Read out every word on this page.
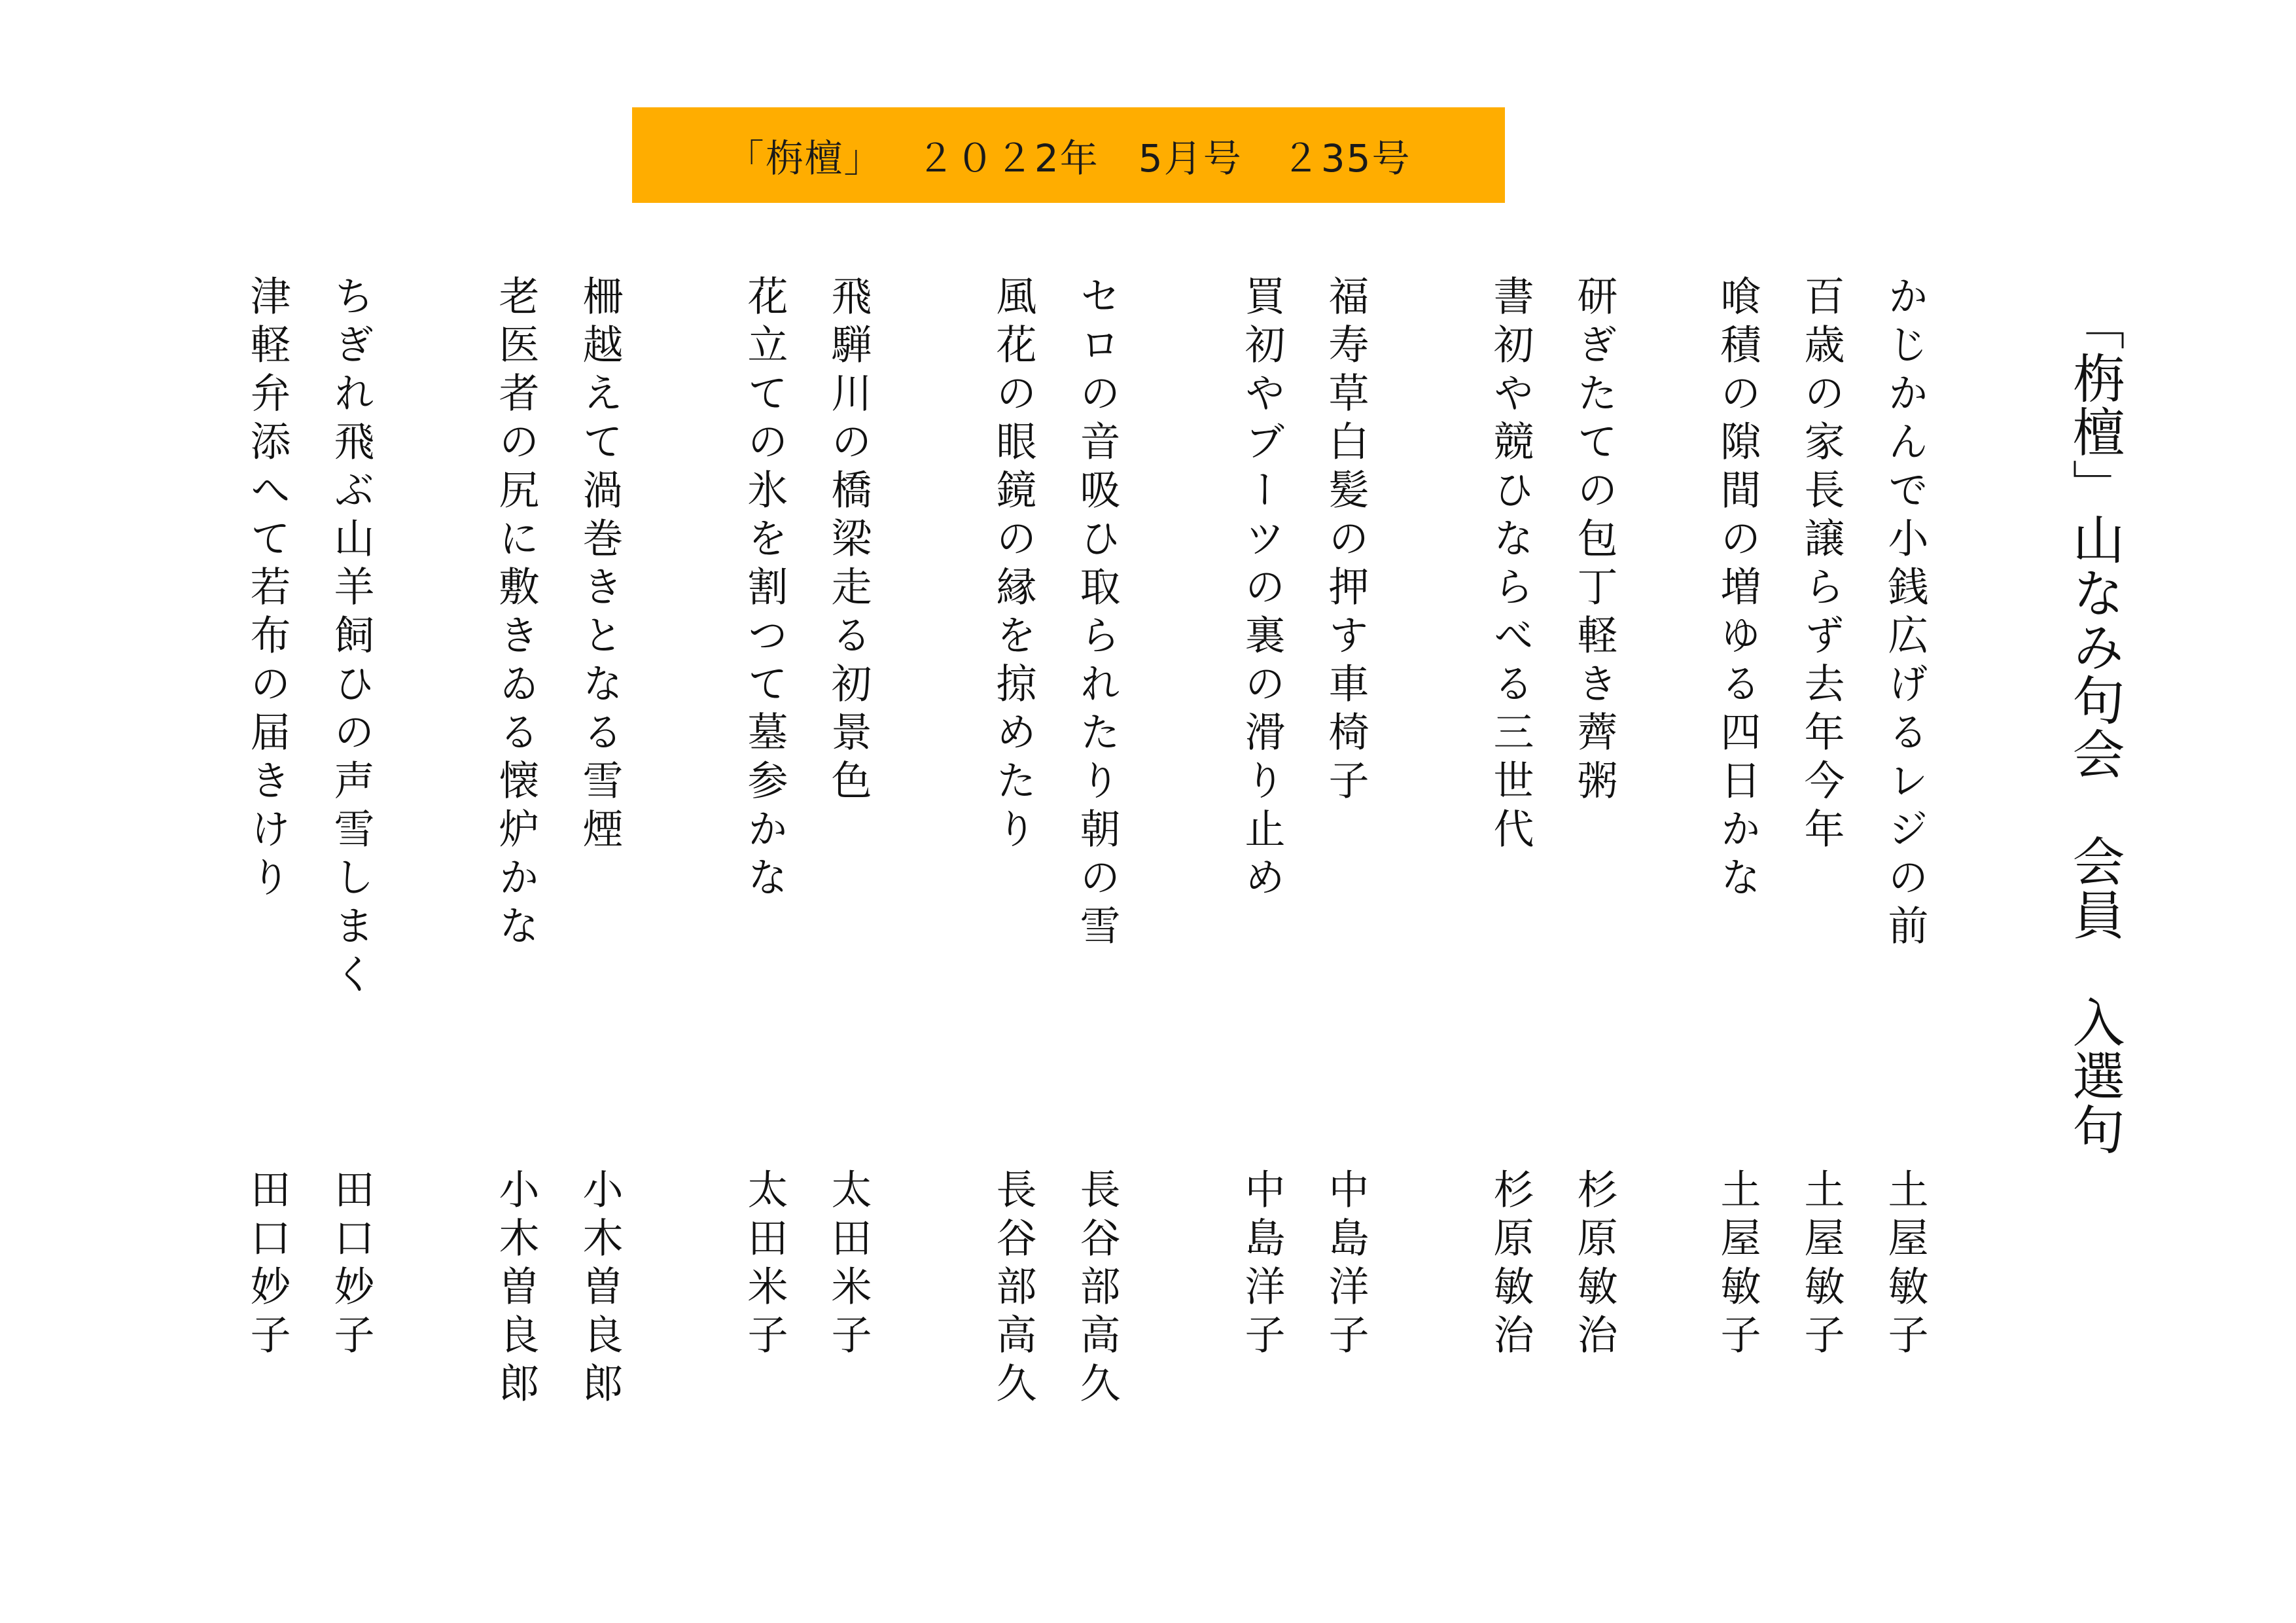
「栴檀」　 ２０２2年　5月号　２35号
「栴檀」山なみ句会　会員　入選句
かじかんで小銭広げるレジの前
土屋敏子
百歳の家長譲らず去年今年
土屋敏子
喰積の隙間の増ゆる四日かな
土屋敏子
研ぎたての包丁軽き薺粥
杉原敏治
書初や競ひならべる三世代
杉原敏治
福寿草白髪の押す車椅子
中島洋子
買初やブーツの裏の滑り止め
中島洋子
セロの音吸ひ取られたり朝の雪
長谷部高久
風花の眼鏡の縁を掠めたり
長谷部高久
飛騨川の橋梁走る初景色
太田米子
花立ての氷を割つて墓参かな
太田米子
柵越えて渦巻きとなる雪煙
小木曽良郎
老医者の尻に敷きゐる懐炉かな
小木曽良郎
ちぎれ飛ぶ山羊飼ひの声雪しまく
田口妙子
津軽弁添へて若布の届きけり
田口妙子
